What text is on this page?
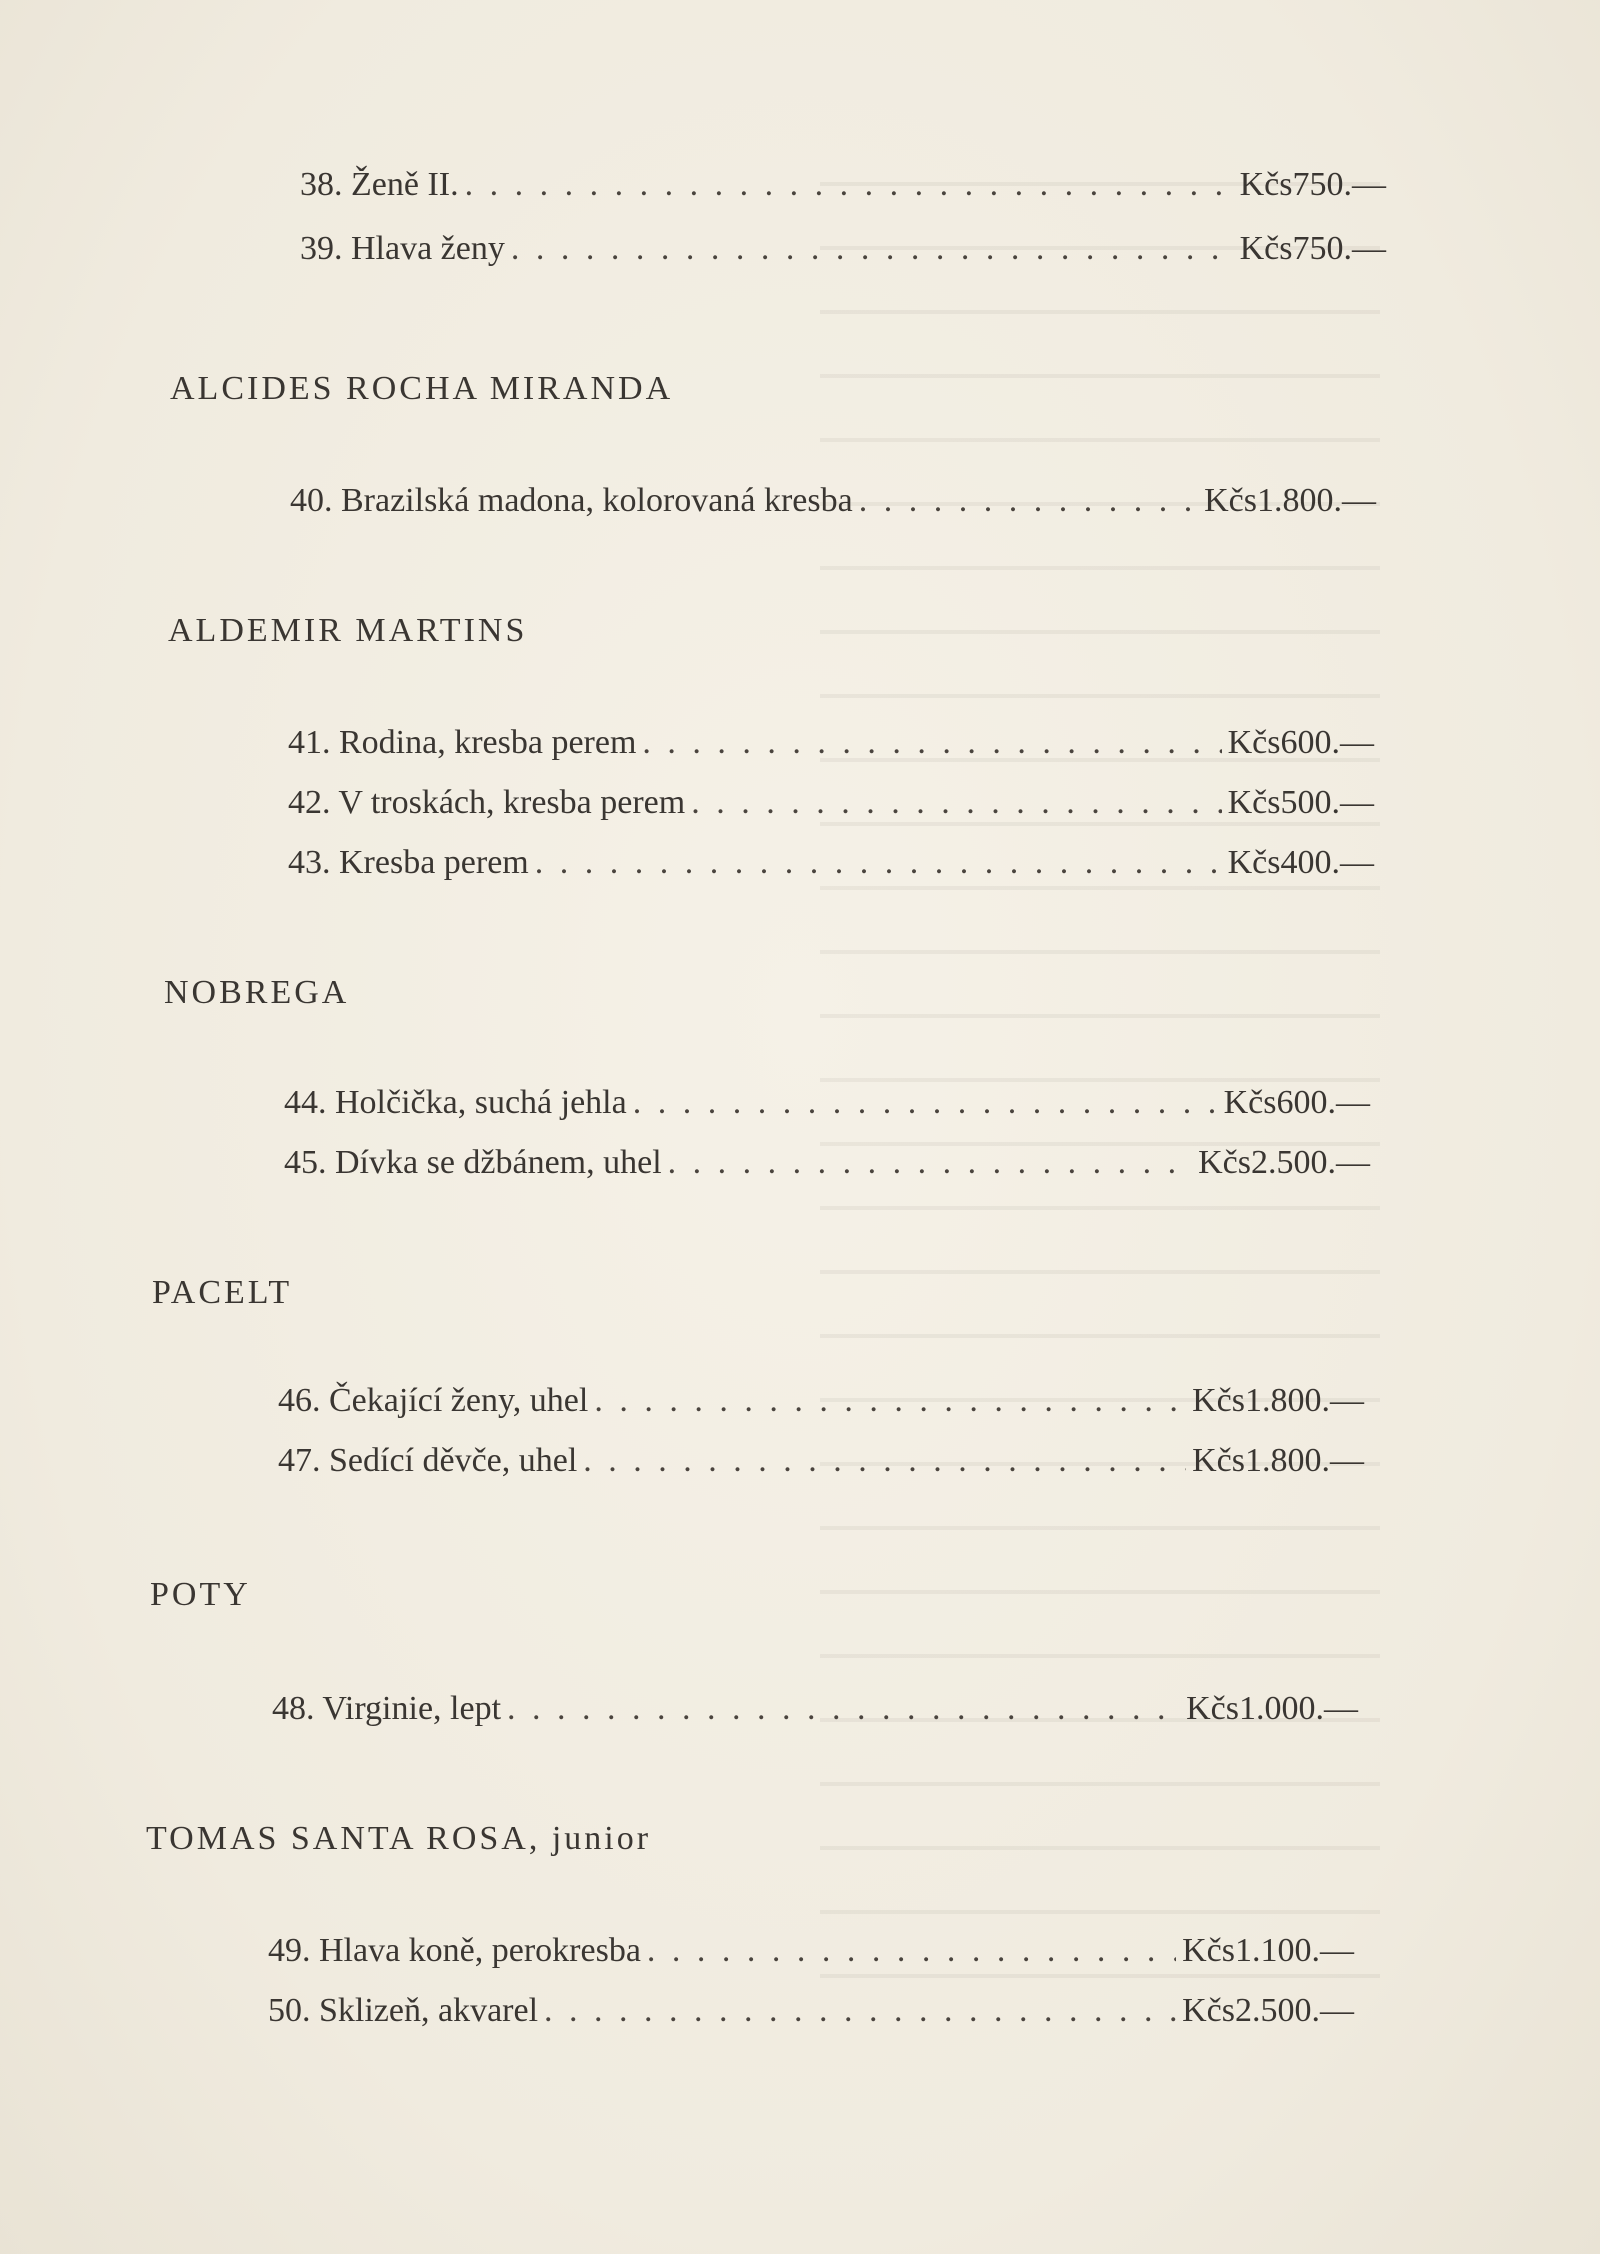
38. Ženě II. . . .	Kčs 750.—
39. Hlava ženy . . .	Kčs 750.—
ALCIDES ROCHA MIRANDA
40. Brazilská madona, kolorovaná kresba . . .	Kčs 1.800.—
ALDEMIR MARTINS
41. Rodina, kresba perem . . .	Kčs 600.—
42. V troskách, kresba perem . . .	Kčs 500.—
43. Kresba perem . . .	Kčs 400.—
NOBREGA
44. Holčička, suchá jehla . . .	Kčs 600.—
45. Dívka se džbánem, uhel . . .	Kčs 2.500.—
PACELT
46. Čekající ženy, uhel . . .	Kčs 1.800.—
47. Sedící děvče, uhel . . .	Kčs 1.800.—
POTY
48. Virginie, lept . . .	Kčs 1.000.—
TOMAS SANTA ROSA, junior
49. Hlava koně, perokresba . . .	Kčs 1.100.—
50. Sklizeň, akvarel . . .	Kčs 2.500.—
